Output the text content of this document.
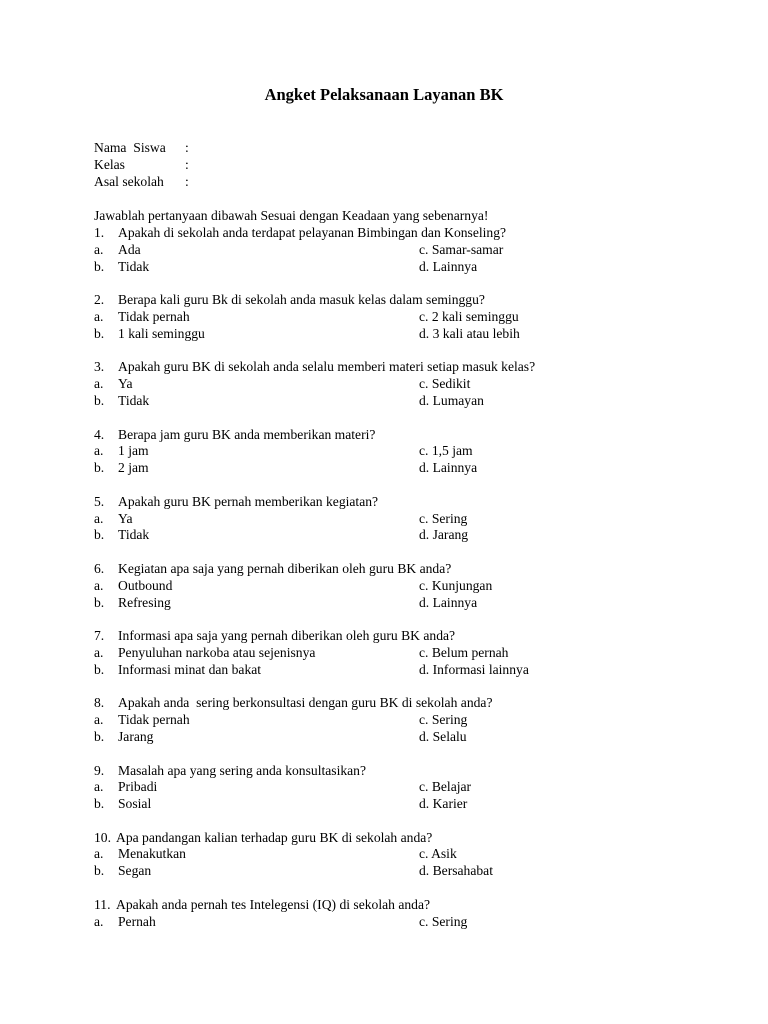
Angket Pelaksanaan Layanan BK
Nama  Siswa	:
Kelas	:
Asal sekolah	:
Jawablah pertanyaan dibawah Sesuai dengan Keadaan yang sebenarnya!
1.	Apakah di sekolah anda terdapat pelayanan Bimbingan dan Konseling?
a.	Ada	c. Samar-samar
b.	Tidak	d. Lainnya
2.	Berapa kali guru Bk di sekolah anda masuk kelas dalam seminggu?
a.	Tidak pernah	c. 2 kali seminggu
b.	1 kali seminggu	d. 3 kali atau lebih
3.	Apakah guru BK di sekolah anda selalu memberi materi setiap masuk kelas?
a.	Ya	c. Sedikit
b.	Tidak	d. Lumayan
4.	Berapa jam guru BK anda memberikan materi?
a.	1 jam	c. 1,5 jam
b.	2 jam	d. Lainnya
5.	Apakah guru BK pernah memberikan kegiatan?
a.	Ya	c. Sering
b.	Tidak	d. Jarang
6.	Kegiatan apa saja yang pernah diberikan oleh guru BK anda?
a.	Outbound	c. Kunjungan
b.	Refresing	d. Lainnya
7.	Informasi apa saja yang pernah diberikan oleh guru BK anda?
a.	Penyuluhan narkoba atau sejenisnya	c. Belum pernah
b.	Informasi minat dan bakat	d. Informasi lainnya
8.	Apakah anda  sering berkonsultasi dengan guru BK di sekolah anda?
a.	Tidak pernah	c. Sering
b.	Jarang	d. Selalu
9.	Masalah apa yang sering anda konsultasikan?
a.	Pribadi	c. Belajar
b.	Sosial	d. Karier
10. Apa pandangan kalian terhadap guru BK di sekolah anda?
a.	Menakutkan	c. Asik
b.	Segan	d. Bersahabat
11. Apakah anda pernah tes Intelegensi (IQ) di sekolah anda?
a.	Pernah	c. Sering
